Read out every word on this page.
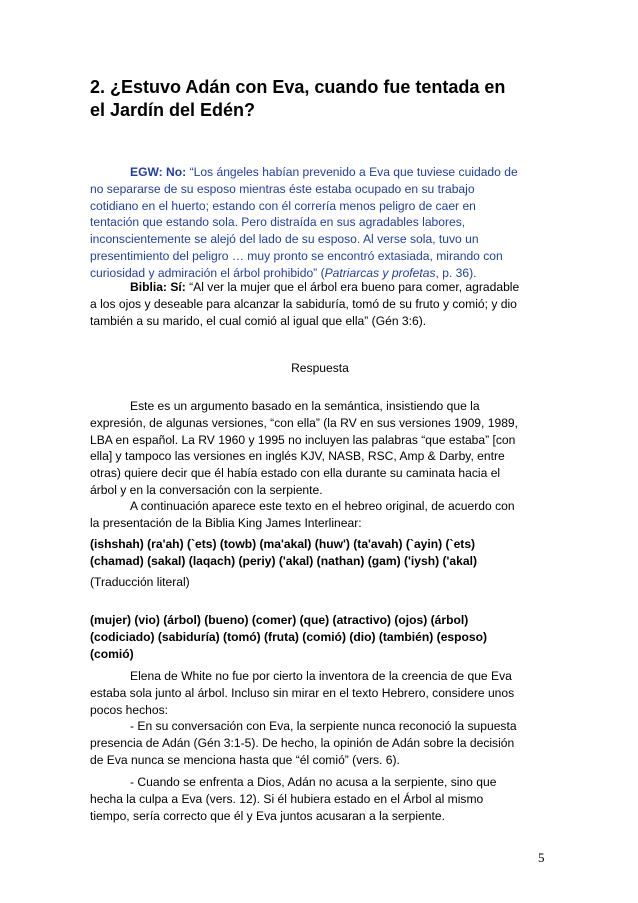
2. ¿Estuvo Adán con Eva, cuando fue tentada en
el Jardín del Edén?

EGW: No: “Los ángeles habían prevenido a Eva que tuviese cuidado de
no separarse de su esposo mientras éste estaba ocupado en su trabajo
cotidiano en el huerto; estando con él correría menos peligro de caer en
tentación que estando sola. Pero distraída en sus agradables labores,
inconscientemente se alejó del lado de su esposo. Al verse sola, tuvo un
presentimiento del peligro … muy pronto se encontró extasiada, mirando con
curiosidad y admiración el árbol prohibido” (Patriarcas y profetas, p. 36).

Biblia: Sí: “Al ver la mujer que el árbol era bueno para comer, agradable
a los ojos y deseable para alcanzar la sabiduría, tomó de su fruto y comió; y dio
también a su marido, el cual comió al igual que ella” (Gén 3:6).

Respuesta

Este es un argumento basado en la semántica, insistiendo que la
expresión, de algunas versiones, “con ella” (la RV en sus versiones 1909, 1989,
LBA en español. La RV 1960 y 1995 no incluyen las palabras “que estaba” [con
ella] y tampoco las versiones en inglés KJV, NASB, RSC, Amp & Darby, entre
otras) quiere decir que él había estado con ella durante su caminata hacia el
árbol y en la conversación con la serpiente.

A continuación aparece este texto en el hebreo original, de acuerdo con
la presentación de la Biblia King James Interlinear:

(ishshah) (ra'ah) (`ets) (towb) (ma'akal) (huw') (ta'avah) (`ayin) (`ets)
(chamad) (sakal) (laqach) (periy) ('akal) (nathan) (gam) ('iysh) ('akal)

(Traducción literal)

(mujer) (vio) (árbol) (bueno) (comer) (que) (atractivo) (ojos) (árbol)
(codiciado) (sabiduría) (tomó) (fruta) (comió) (dio) (también) (esposo)
(comió)

Elena de White no fue por cierto la inventora de la creencia de que Eva
estaba sola junto al árbol. Incluso sin mirar en el texto Hebrero, considere unos
pocos hechos:
- En su conversación con Eva, la serpiente nunca reconoció la supuesta
presencia de Adán (Gén 3:1-5). De hecho, la opinión de Adán sobre la decisión
de Eva nunca se menciona hasta que “él comió” (vers. 6).

- Cuando se enfrenta a Dios, Adán no acusa a la serpiente, sino que
hecha la culpa a Eva (vers. 12). Si él hubiera estado en el Árbol al mismo
tiempo, sería correcto que él y Eva juntos acusaran a la serpiente.

5
